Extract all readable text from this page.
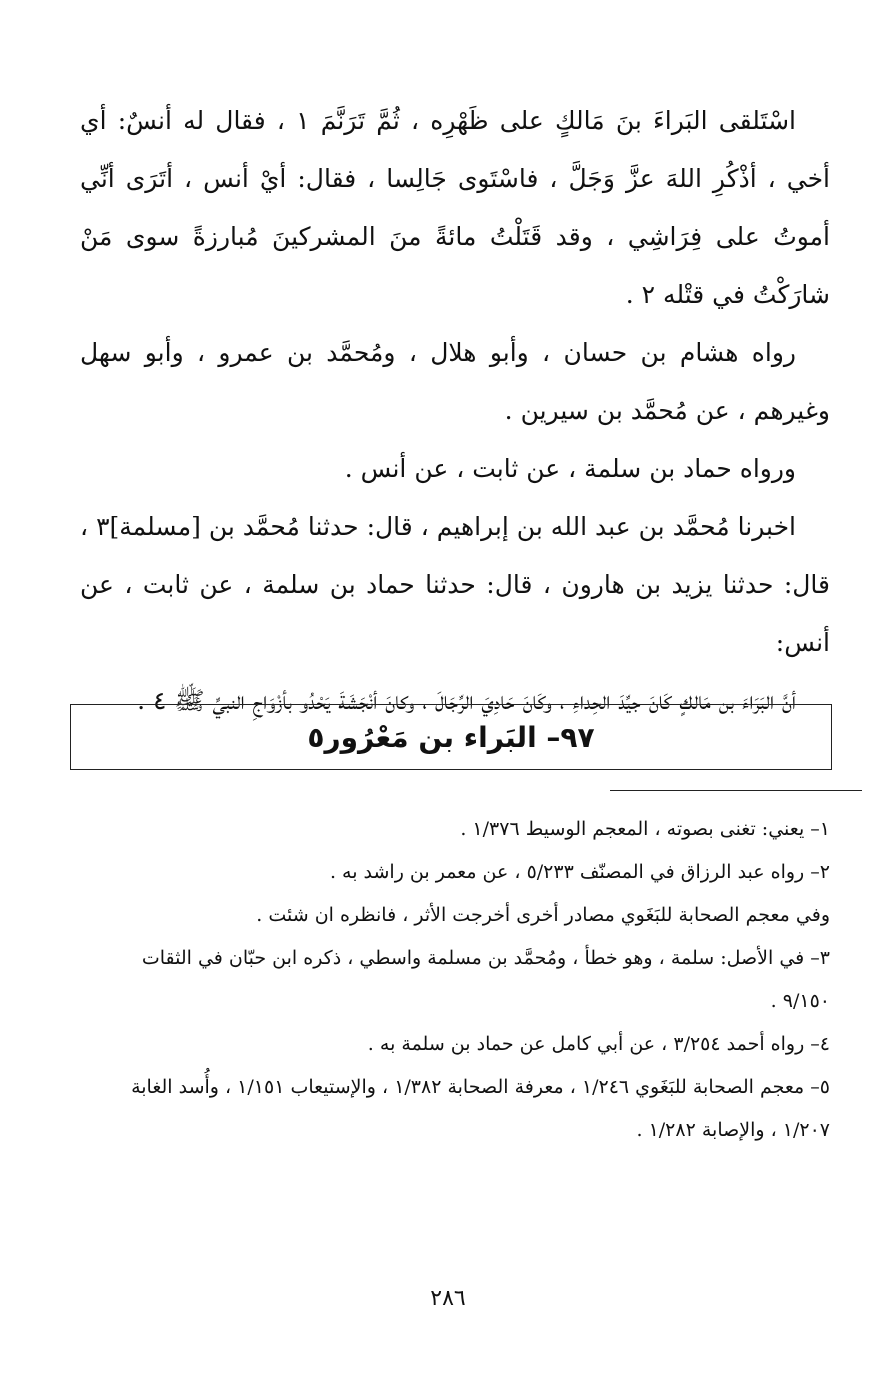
اسْتَلقى البَراءَ بنَ مَالكٍ على ظَهْرِه ، ثُمَّ تَرَنَّمَ ١ ، فقال له أنسٌ: أي أخي ، أذْكُرِ اللهَ عزَّ وَجَلَّ ، فاسْتَوى جَالِسا ، فقال: أيْ أنس ، أتَرَى أنِّي أموتُ على فِرَاشِي ، وقد قَتَلْتُ مائةً منَ المشركينَ مُبارزةً سوى مَنْ شارَكْتُ في قتْله ٢ .

رواه هشام بن حسان ، وأبو هلال ، ومُحمَّد بن عمرو ، وأبو سهل وغيرهم ، عن مُحمَّد بن سيرين .

ورواه حماد بن سلمة ، عن ثابت ، عن أنس .

اخبرنا مُحمَّد بن عبد الله بن إبراهيم ، قال: حدثنا مُحمَّد بن [مسلمة]٣ ، قال: حدثنا يزيد بن هارون ، قال: حدثنا حماد بن سلمة ، عن ثابت ، عن أنس:

أنَّ البَرَاءَ بن مَالكٍ كَانَ جيِّدَ الحِداءِ ، وكَانَ حَادِيَ الرِّجَالَ ، وكانَ أنْجَشَةَ يَحْدُو بأزْوَاجِ النبيِّ ﷺ ٤ .

٩٧– البَراء بن مَعْرُور٥

١– يعني: تغنى بصوته ، المعجم الوسيط ١/٣٧٦ .

٢– رواه عبد الرزاق في المصنّف ٥/٢٣٣ ، عن معمر بن راشد به .

وفي معجم الصحابة للبَغَوي مصادر أخرى أخرجت الأثر ، فانظره ان شئت .

٣– في الأصل: سلمة ، وهو خطأ ، ومُحمَّد بن مسلمة واسطي ، ذكره ابن حبّان في الثقات ٩/١٥٠ .

٤– رواه أحمد ٣/٢٥٤ ، عن أبي كامل عن حماد بن سلمة به .

٥– معجم الصحابة للبَغَوي ١/٢٤٦ ، معرفة الصحابة ١/٣٨٢ ، والإستيعاب ١/١٥١ ، وأُسد الغابة ١/٢٠٧ ، والإصابة ١/٢٨٢ .

٢٨٦
